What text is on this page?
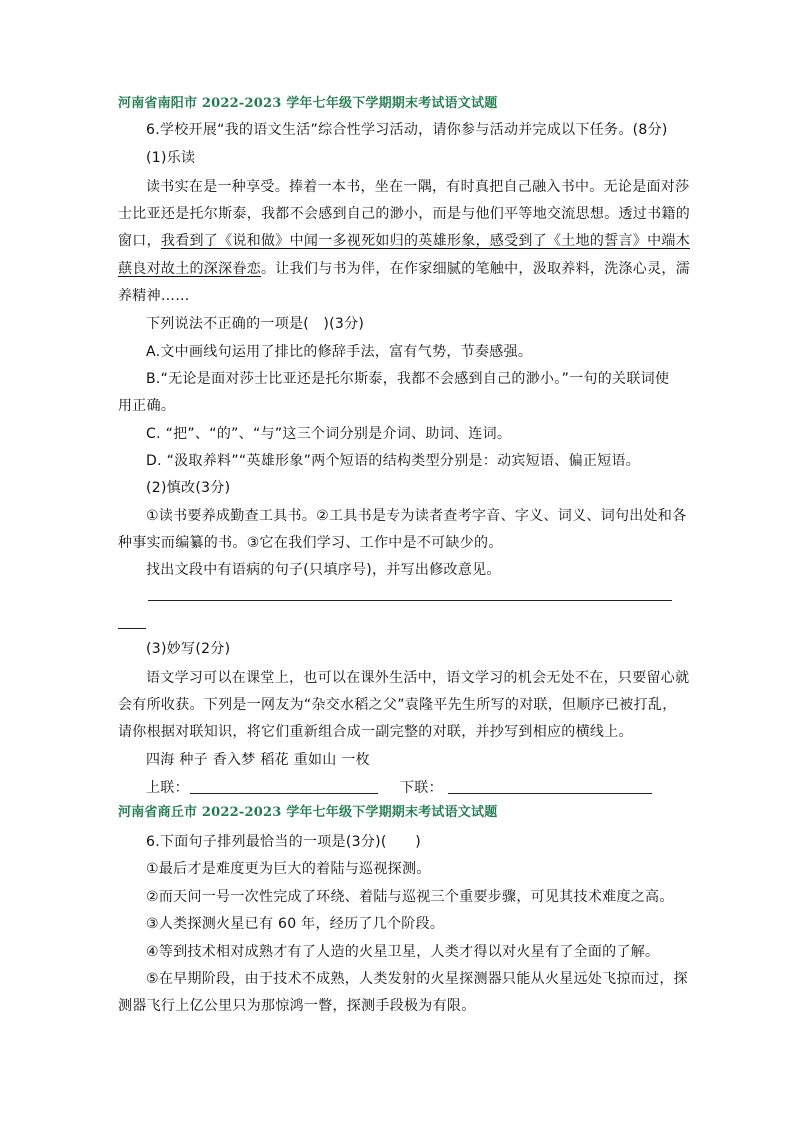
河南省南阳市 2022-2023 学年七年级下学期期末考试语文试题
6.学校开展“我的语文生活”综合性学习活动，请你参与活动并完成以下任务。(8分)
(1)乐读
读书实在是一种享受。捧着一本书，坐在一隅，有时真把自己融入书中。无论是面对莎
士比亚还是托尔斯泰，我都不会感到自己的渺小，而是与他们平等地交流思想。透过书籍的
窗口，我看到了《说和做》中闻一多视死如归的英雄形象，感受到了《土地的誓言》中端木
蕻良对故土的深深眷恋。让我们与书为伴，在作家细腻的笔触中，汲取养料，洗涤心灵，濡
养精神……
下列说法不正确的一项是(　)(3分)
A.文中画线句运用了排比的修辞手法，富有气势，节奏感强。
B.“无论是面对莎士比亚还是托尔斯泰，我都不会感到自己的渺小。”一句的关联词使
用正确。
C. “把”、“的”、“与”这三个词分别是介词、助词、连词。
D. “汲取养料”“英雄形象”两个短语的结构类型分别是：动宾短语、偏正短语。
(2)慎改(3分)
①读书要养成勤查工具书。②工具书是专为读者查考字音、字义、词义、词句出处和各
种事实而编纂的书。③它在我们学习、工作中是不可缺少的。
找出文段中有语病的句子(只填序号)，并写出修改意见。
(3)妙写(2分)
语文学习可以在课堂上，也可以在课外生活中，语文学习的机会无处不在，只要留心就
会有所收获。下列是一网友为“杂交水稻之父”袁隆平先生所写的对联，但顺序已被打乱，
请你根据对联知识，将它们重新组合成一副完整的对联，并抄写到相应的横线上。
四海 种子 香入梦 稻花 重如山 一枚
上联：	下联：
河南省商丘市 2022-2023 学年七年级下学期期末考试语文试题
6.下面句子排列最恰当的一项是(3分)(　　)
①最后才是难度更为巨大的着陆与巡视探测。
②而天问一号一次性完成了环绕、着陆与巡视三个重要步骤，可见其技术难度之高。
③人类探测火星已有 60 年，经历了几个阶段。
④等到技术相对成熟才有了人造的火星卫星，人类才得以对火星有了全面的了解。
⑤在早期阶段，由于技术不成熟，人类发射的火星探测器只能从火星远处飞掠而过，探
测器飞行上亿公里只为那惊鸿一瞥，探测手段极为有限。
